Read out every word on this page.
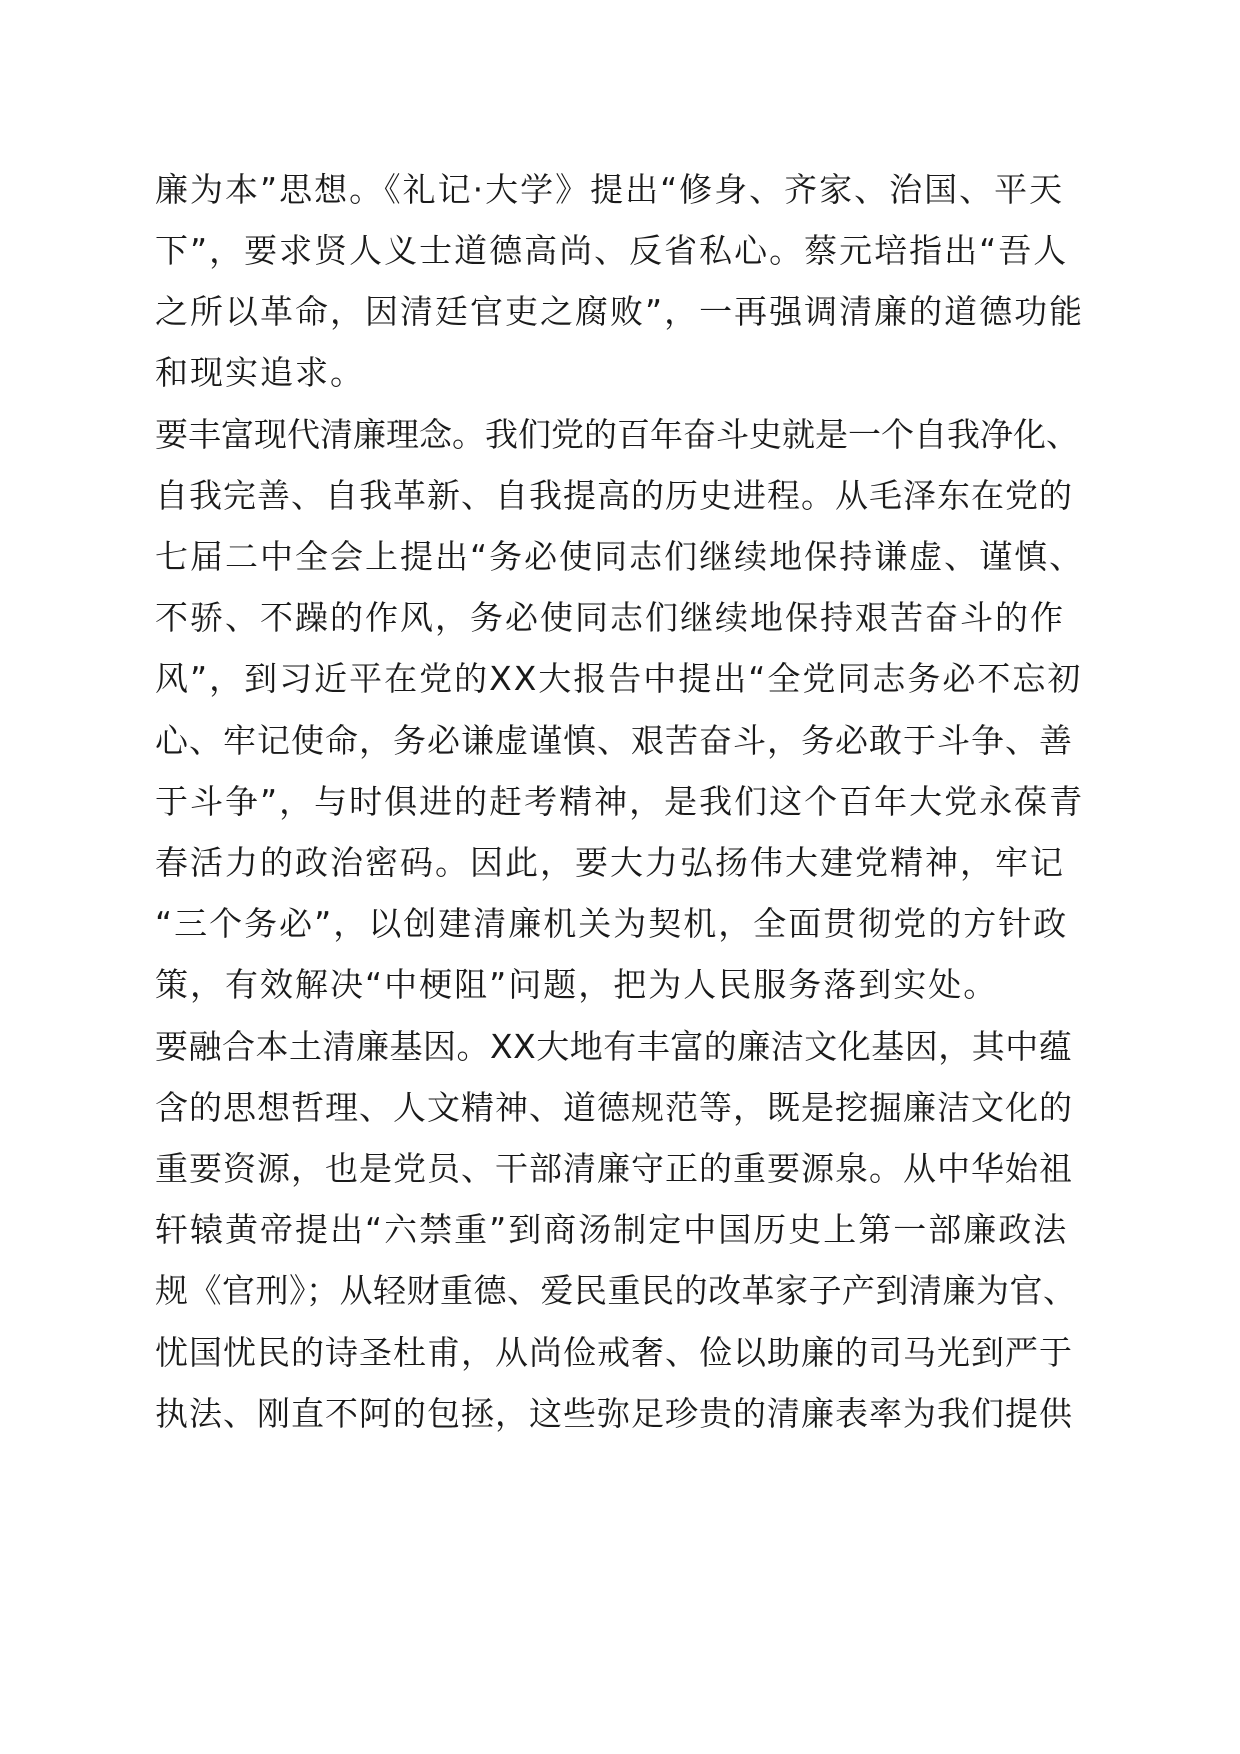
廉为本”思想。《礼记·大学》提出“修身、齐家、治国、平天
下”，要求贤人义士道德高尚、反省私心。蔡元培指出“吾人
之所以革命，因清廷官吏之腐败”，一再强调清廉的道德功能
和现实追求。
要丰富现代清廉理念。我们党的百年奋斗史就是一个自我净化、
自我完善、自我革新、自我提高的历史进程。从毛泽东在党的
七届二中全会上提出“务必使同志们继续地保持谦虚、谨慎、
不骄、不躁的作风，务必使同志们继续地保持艰苦奋斗的作
风”，到习近平在党的XX大报告中提出“全党同志务必不忘初
心、牢记使命，务必谦虚谨慎、艰苦奋斗，务必敢于斗争、善
于斗争”，与时俱进的赶考精神，是我们这个百年大党永葆青
春活力的政治密码。因此，要大力弘扬伟大建党精神，牢记
“三个务必”，以创建清廉机关为契机，全面贯彻党的方针政
策，有效解决“中梗阻”问题，把为人民服务落到实处。
要融合本土清廉基因。XX大地有丰富的廉洁文化基因，其中蕴
含的思想哲理、人文精神、道德规范等，既是挖掘廉洁文化的
重要资源，也是党员、干部清廉守正的重要源泉。从中华始祖
轩辕黄帝提出“六禁重”到商汤制定中国历史上第一部廉政法
规《官刑》；从轻财重德、爱民重民的改革家子产到清廉为官、
忧国忧民的诗圣杜甫，从尚俭戒奢、俭以助廉的司马光到严于
执法、刚直不阿的包拯，这些弥足珍贵的清廉表率为我们提供
